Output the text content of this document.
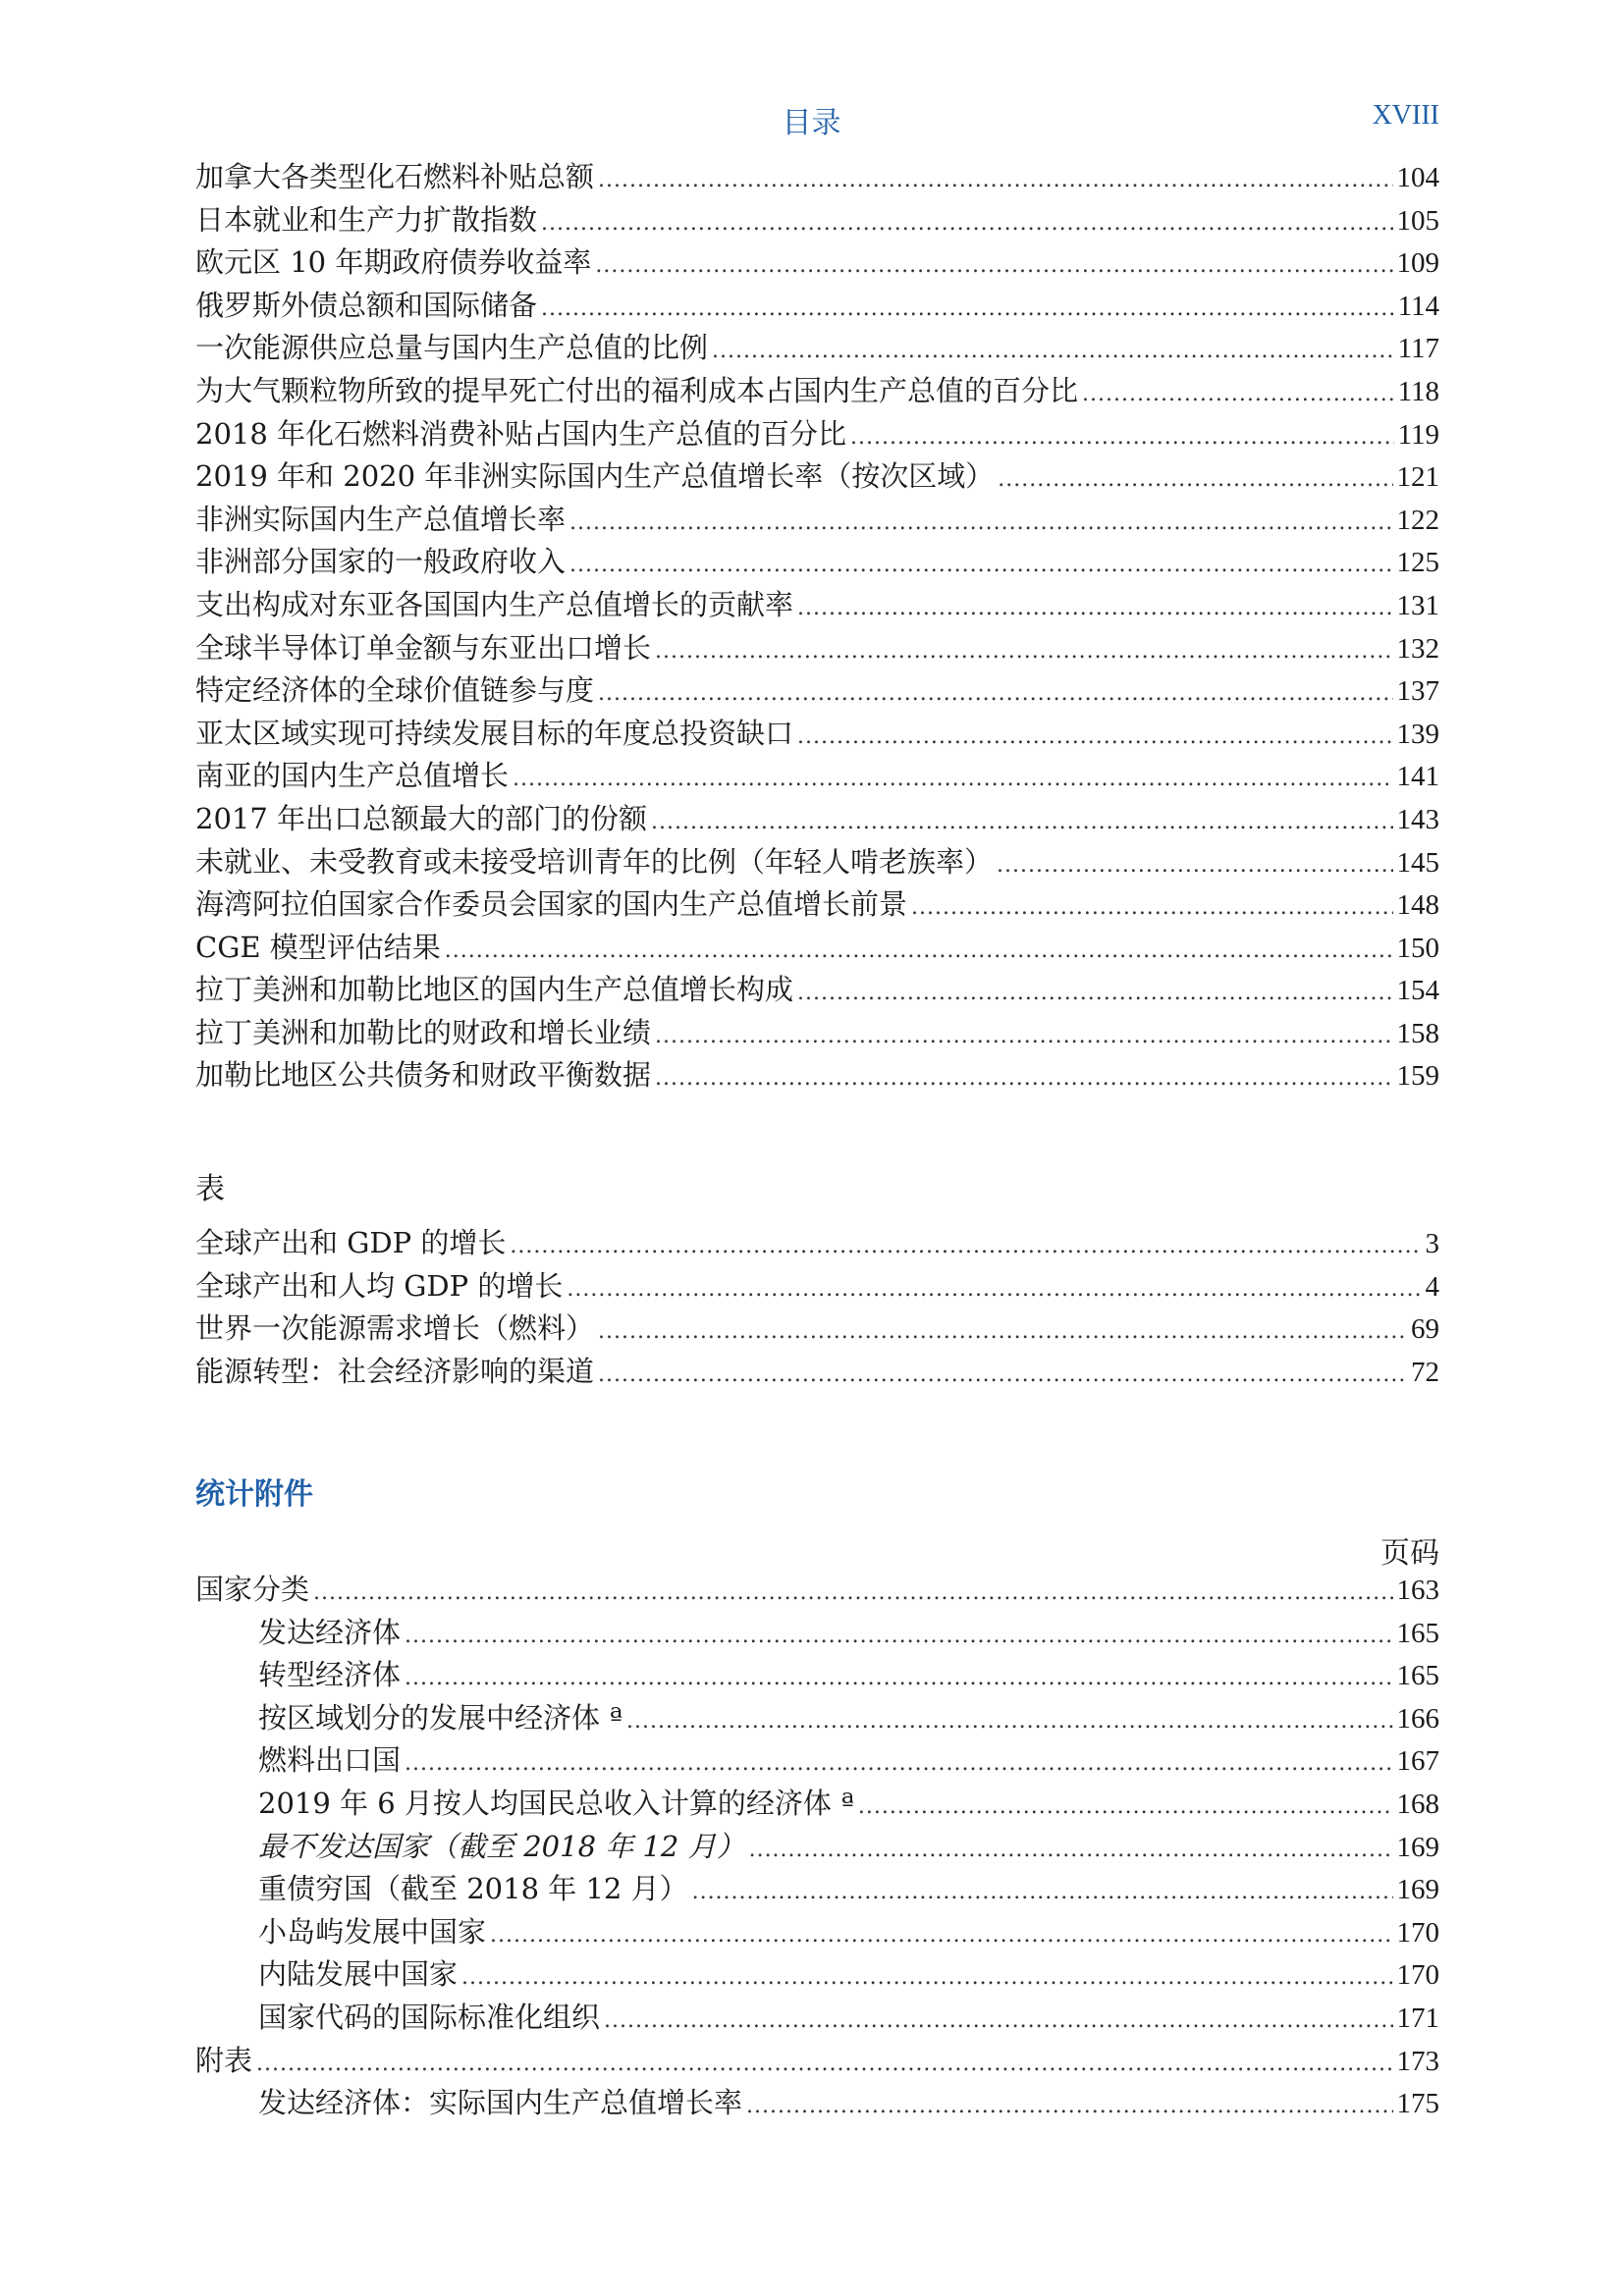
目录	XVIII
加拿大各类型化石燃料补贴总额 .....	104
日本就业和生产力扩散指数 .....	105
欧元区 10 年期政府债券收益率 .....	109
俄罗斯外债总额和国际储备 .....	114
一次能源供应总量与国内生产总值的比例 .....	117
为大气颗粒物所致的提早死亡付出的福利成本占国内生产总值的百分比 .....	118
2018 年化石燃料消费补贴占国内生产总值的百分比 .....	119
2019 年和 2020 年非洲实际国内生产总值增长率（按次区域） .....	121
非洲实际国内生产总值增长率 .....	122
非洲部分国家的一般政府收入 .....	125
支出构成对东亚各国国内生产总值增长的贡献率 .....	131
全球半导体订单金额与东亚出口增长 .....	132
特定经济体的全球价值链参与度 .....	137
亚太区域实现可持续发展目标的年度总投资缺口 .....	139
南亚的国内生产总值增长 .....	141
2017 年出口总额最大的部门的份额 .....	143
未就业、未受教育或未接受培训青年的比例（年轻人啃老族率） .....	145
海湾阿拉伯国家合作委员会国家的国内生产总值增长前景 .....	148
CGE 模型评估结果 .....	150
拉丁美洲和加勒比地区的国内生产总值增长构成 .....	154
拉丁美洲和加勒比的财政和增长业绩 .....	158
加勒比地区公共债务和财政平衡数据 .....	159
表
全球产出和 GDP 的增长 .....	3
全球产出和人均 GDP 的增长 .....	4
世界一次能源需求增长（燃料） .....	69
能源转型：社会经济影响的渠道 .....	72
统计附件
页码
国家分类 .....	163
发达经济体 .....	165
转型经济体 .....	165
按区域划分的发展中经济体 ª .....	166
燃料出口国 .....	167
2019 年 6 月按人均国民总收入计算的经济体 ª .....	168
最不发达国家（截至 2018 年 12 月） .....	169
重债穷国（截至 2018 年 12 月） .....	169
小岛屿发展中国家 .....	170
内陆发展中国家 .....	170
国家代码的国际标准化组织 .....	171
附表 .....	173
发达经济体：实际国内生产总值增长率 .....	175
